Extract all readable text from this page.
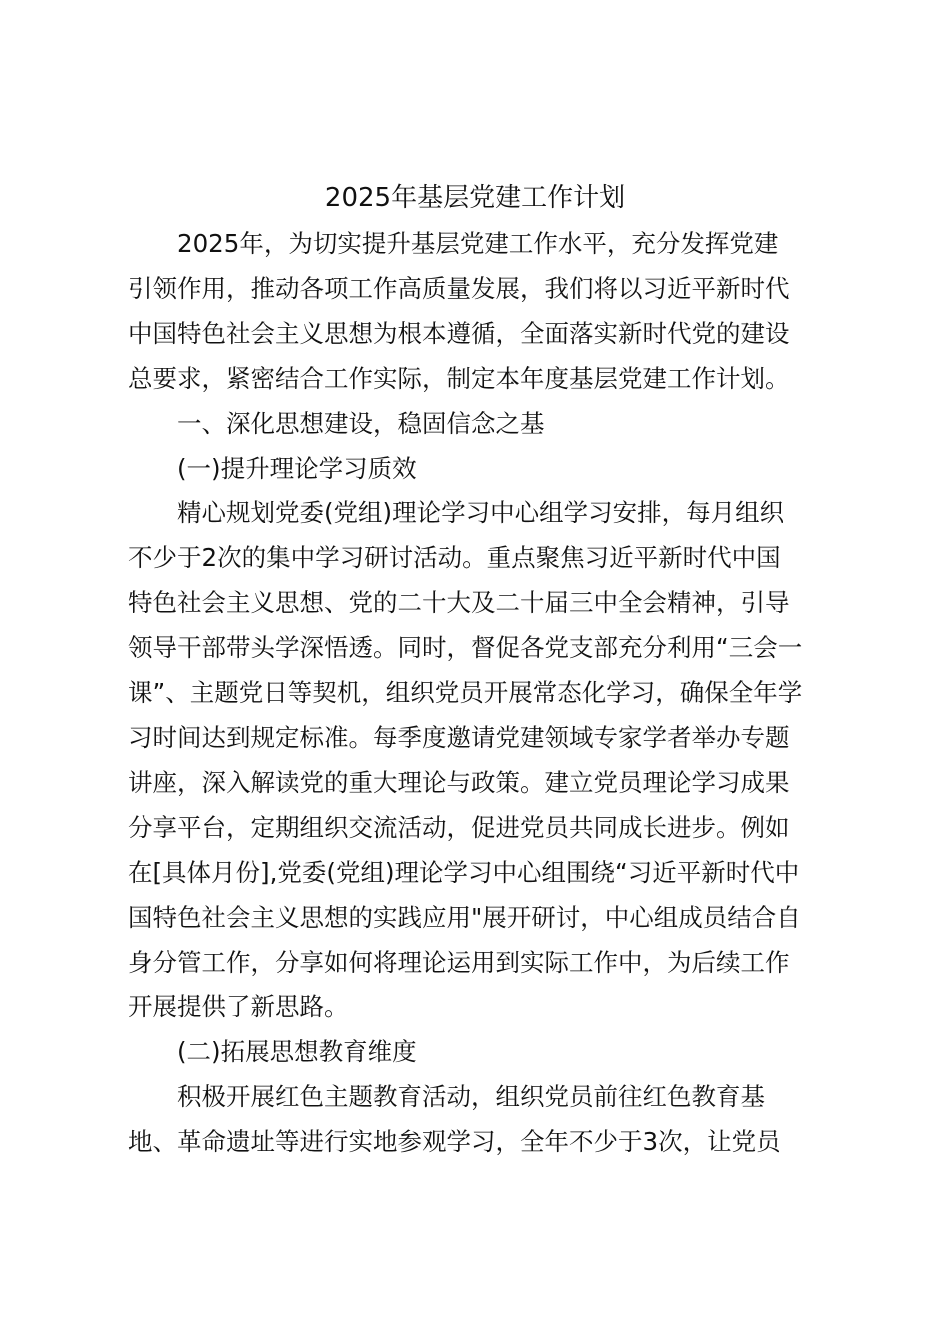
2025年基层党建工作计划
2025年，为切实提升基层党建工作水平，充分发挥党建
引领作用，推动各项工作高质量发展，我们将以习近平新时代
中国特色社会主义思想为根本遵循，全面落实新时代党的建设
总要求，紧密结合工作实际，制定本年度基层党建工作计划。
一、深化思想建设，稳固信念之基
(一)提升理论学习质效
精心规划党委(党组)理论学习中心组学习安排，每月组织
不少于2次的集中学习研讨活动。重点聚焦习近平新时代中国
特色社会主义思想、党的二十大及二十届三中全会精神，引导
领导干部带头学深悟透。同时，督促各党支部充分利用“三会一
课”、主题党日等契机，组织党员开展常态化学习，确保全年学
习时间达到规定标准。每季度邀请党建领域专家学者举办专题
讲座，深入解读党的重大理论与政策。建立党员理论学习成果
分享平台，定期组织交流活动，促进党员共同成长进步。例如
在[具体月份],党委(党组)理论学习中心组围绕“习近平新时代中
国特色社会主义思想的实践应用"展开研讨，中心组成员结合自
身分管工作，分享如何将理论运用到实际工作中，为后续工作
开展提供了新思路。
(二)拓展思想教育维度
积极开展红色主题教育活动，组织党员前往红色教育基
地、革命遗址等进行实地参观学习，全年不少于3次，让党员
